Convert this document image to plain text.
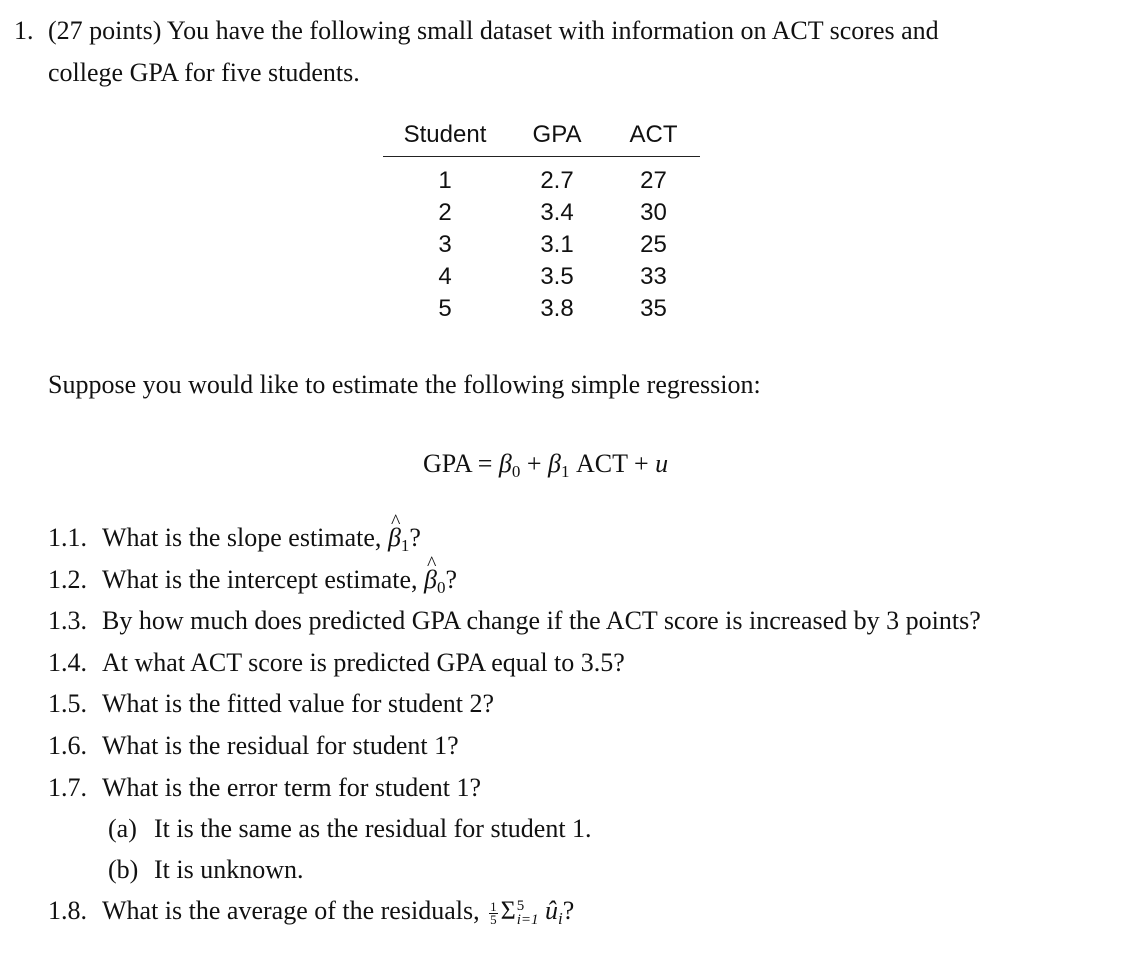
1. (27 points) You have the following small dataset with information on ACT scores and
college GPA for five students.
Student	GPA	ACT
1	2.7	27
2	3.4	30
3	3.1	25
4	3.5	33
5	3.8	35
Suppose you would like to estimate the following simple regression:
GPA = $\beta_0 + \beta_1$ ACT + u
1.1. What is the slope estimate, ^ $\beta_1$?
1.2. What is the intercept estimate, ^ $\beta_0$?
1.3. By how much does predicted GPA change if the ACT score is increased by 3 points?
1.4. At what ACT score is predicted GPA equal to 3.5?
1.5. What is the fitted value for student 2?
1.6. What is the residual for student 1?
1.7. What is the error term for student 1?
(a) It is the same as the residual for student 1.
(b) It is unknown.
1.8. What is the average of the residuals, $\frac{1}{5}$ Σ 5
i=1 $û_i$?
